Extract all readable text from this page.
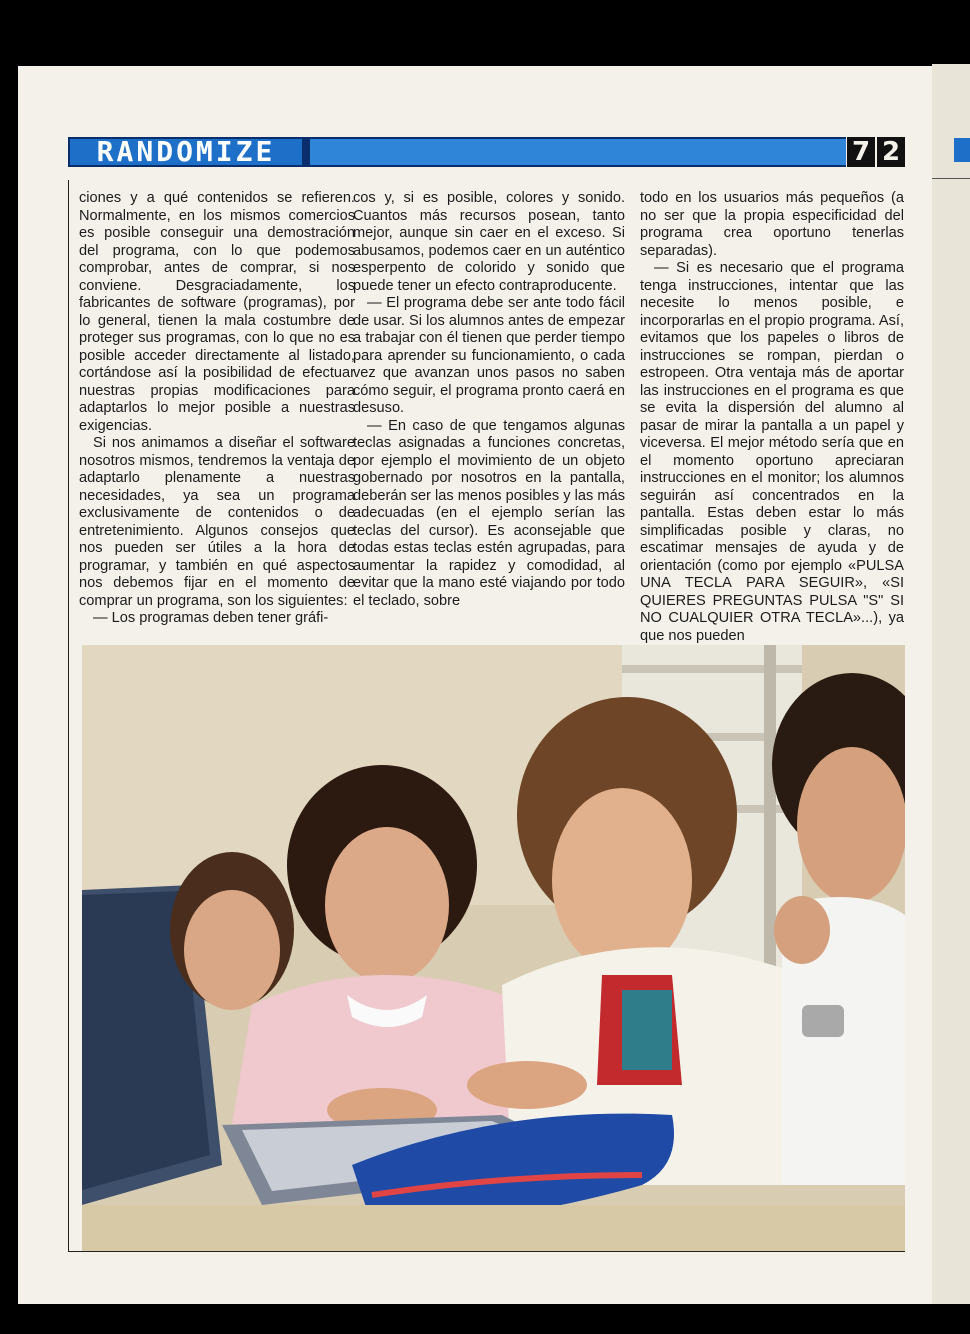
RANDOMIZE	7 2

ciones y a qué contenidos se refieren. Normalmente, en los mismos comercios es posible conseguir una demostración del programa, con lo que podemos comprobar, antes de comprar, si nos conviene. Desgraciadamente, los fabricantes de software (programas), por lo general, tienen la mala costumbre de proteger sus programas, con lo que no es posible acceder directamente al listado, cortándose así la posibilidad de efectuar nuestras propias modificaciones para adaptarlos lo mejor posible a nuestras exigencias.

Si nos animamos a diseñar el software nosotros mismos, tendremos la ventaja de adaptarlo plenamente a nuestras necesidades, ya sea un programa exclusivamente de contenidos o de entretenimiento. Algunos consejos que nos pueden ser útiles a la hora de programar, y también en qué aspectos nos debemos fijar en el momento de comprar un programa, son los siguientes:

— Los programas deben tener gráfi-

cos y, si es posible, colores y sonido. Cuantos más recursos posean, tanto mejor, aunque sin caer en el exceso. Si abusamos, podemos caer en un auténtico esperpento de colorido y sonido que puede tener un efecto contraproducente.

— El programa debe ser ante todo fácil de usar. Si los alumnos antes de empezar a trabajar con él tienen que perder tiempo para aprender su funcionamiento, o cada vez que avanzan unos pasos no saben cómo seguir, el programa pronto caerá en desuso.

— En caso de que tengamos algunas teclas asignadas a funciones concretas, por ejemplo el movimiento de un objeto gobernado por nosotros en la pantalla, deberán ser las menos posibles y las más adecuadas (en el ejemplo serían las teclas del cursor). Es aconsejable que todas estas teclas estén agrupadas, para aumentar la rapidez y comodidad, al evitar que la mano esté viajando por todo el teclado, sobre

todo en los usuarios más pequeños (a no ser que la propia especificidad del programa crea oportuno tenerlas separadas).

— Si es necesario que el programa tenga instrucciones, intentar que las necesite lo menos posible, e incorporarlas en el propio programa. Así, evitamos que los papeles o libros de instrucciones se rompan, pierdan o estropeen. Otra ventaja más de aportar las instrucciones en el programa es que se evita la dispersión del alumno al pasar de mirar la pantalla a un papel y viceversa. El mejor método sería que en el momento oportuno apreciaran instrucciones en el monitor; los alumnos seguirán así concentrados en la pantalla. Estas deben estar lo más simplificadas posible y claras, no escatimar mensajes de ayuda y de orientación (como por ejemplo «PULSA UNA TECLA PARA SEGUIR», «SI QUIERES PREGUNTAS PULSA "S" SI NO CUALQUIER OTRA TECLA»...), ya que nos pueden
